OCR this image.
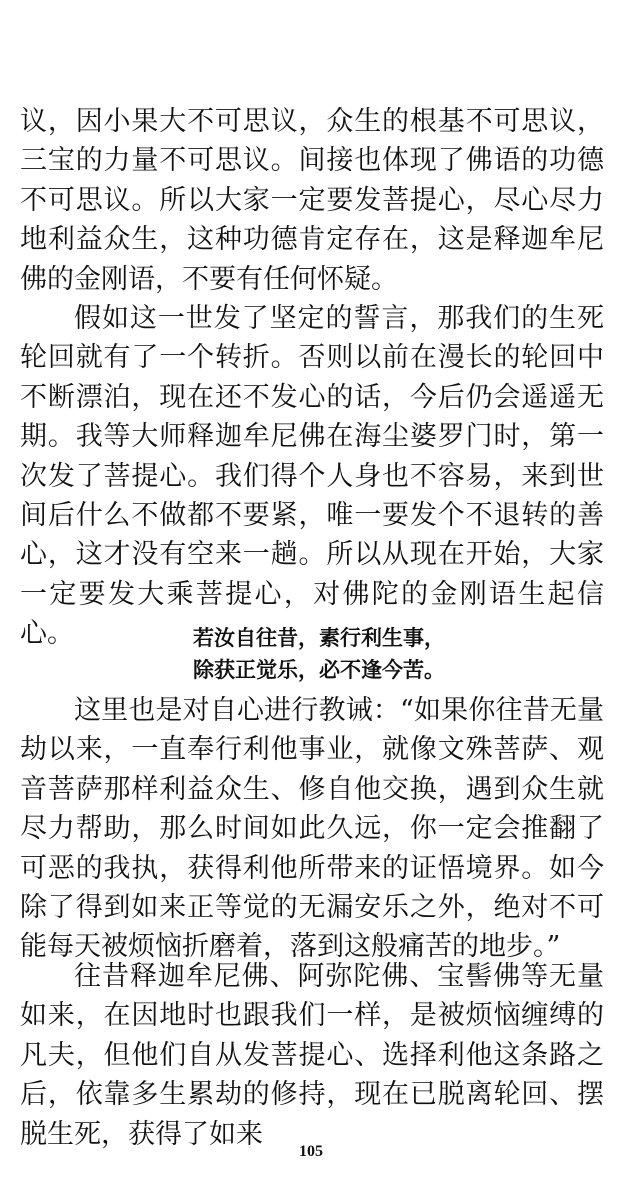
议，因小果大不可思议，众生的根基不可思议，三宝的力量不可思议。间接也体现了佛语的功德不可思议。所以大家一定要发菩提心，尽心尽力地利益众生，这种功德肯定存在，这是释迦牟尼佛的金刚语，不要有任何怀疑。

假如这一世发了坚定的誓言，那我们的生死轮回就有了一个转折。否则以前在漫长的轮回中不断漂泊，现在还不发心的话，今后仍会遥遥无期。我等大师释迦牟尼佛在海尘婆罗门时，第一次发了菩提心。我们得个人身也不容易，来到世间后什么不做都不要紧，唯一要发个不退转的善心，这才没有空来一趟。所以从现在开始，大家一定要发大乘菩提心，对佛陀的金刚语生起信心。	若汝自往昔，素行利生事，
除获正觉乐，必不逢今苦。

这里也是对自心进行教诫：“如果你往昔无量劫以来，一直奉行利他事业，就像文殊菩萨、观音菩萨那样利益众生、修自他交换，遇到众生就尽力帮助，那么时间如此久远，你一定会推翻了可恶的我执，获得利他所带来的证悟境界。如今除了得到如来正等觉的无漏安乐之外，绝对不可能每天被烦恼折磨着，落到这般痛苦的地步。”

往昔释迦牟尼佛、阿弥陀佛、宝髻佛等无量如来，在因地时也跟我们一样，是被烦恼缠缚的凡夫，但他们自从发菩提心、选择利他这条路之后，依靠多生累劫的修持，现在已脱离轮回、摆脱生死，获得了如来

105
